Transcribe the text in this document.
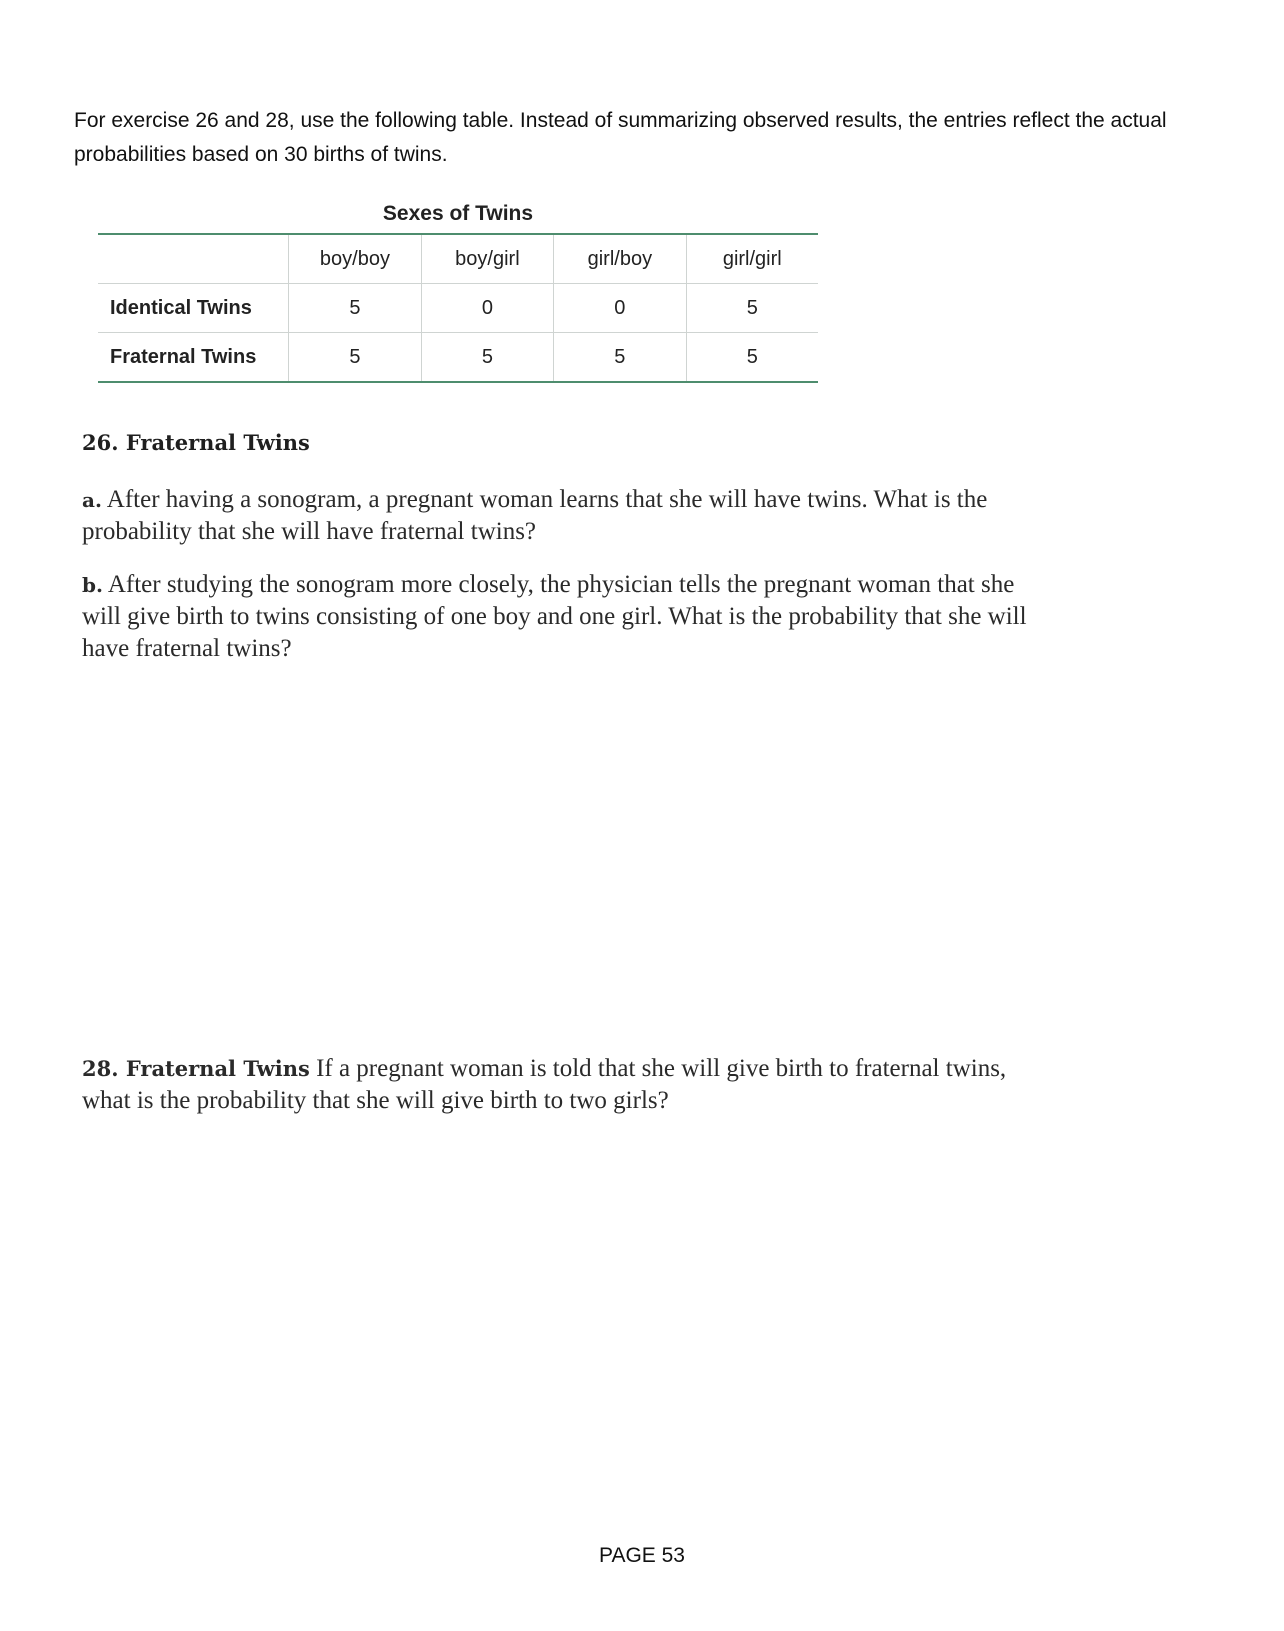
For exercise 26 and 28, use the following table. Instead of summarizing observed results, the entries reflect the actual probabilities based on 30 births of twins.
Sexes of Twins
	boy/boy	boy/girl	girl/boy	girl/girl
Identical Twins	5	0	0	5
Fraternal Twins	5	5	5	5
26. Fraternal Twins
a. After having a sonogram, a pregnant woman learns that she will have twins. What is the probability that she will have fraternal twins?
b. After studying the sonogram more closely, the physician tells the pregnant woman that she will give birth to twins consisting of one boy and one girl. What is the probability that she will have fraternal twins?
28. Fraternal Twins If a pregnant woman is told that she will give birth to fraternal twins, what is the probability that she will give birth to two girls?
PAGE 53
